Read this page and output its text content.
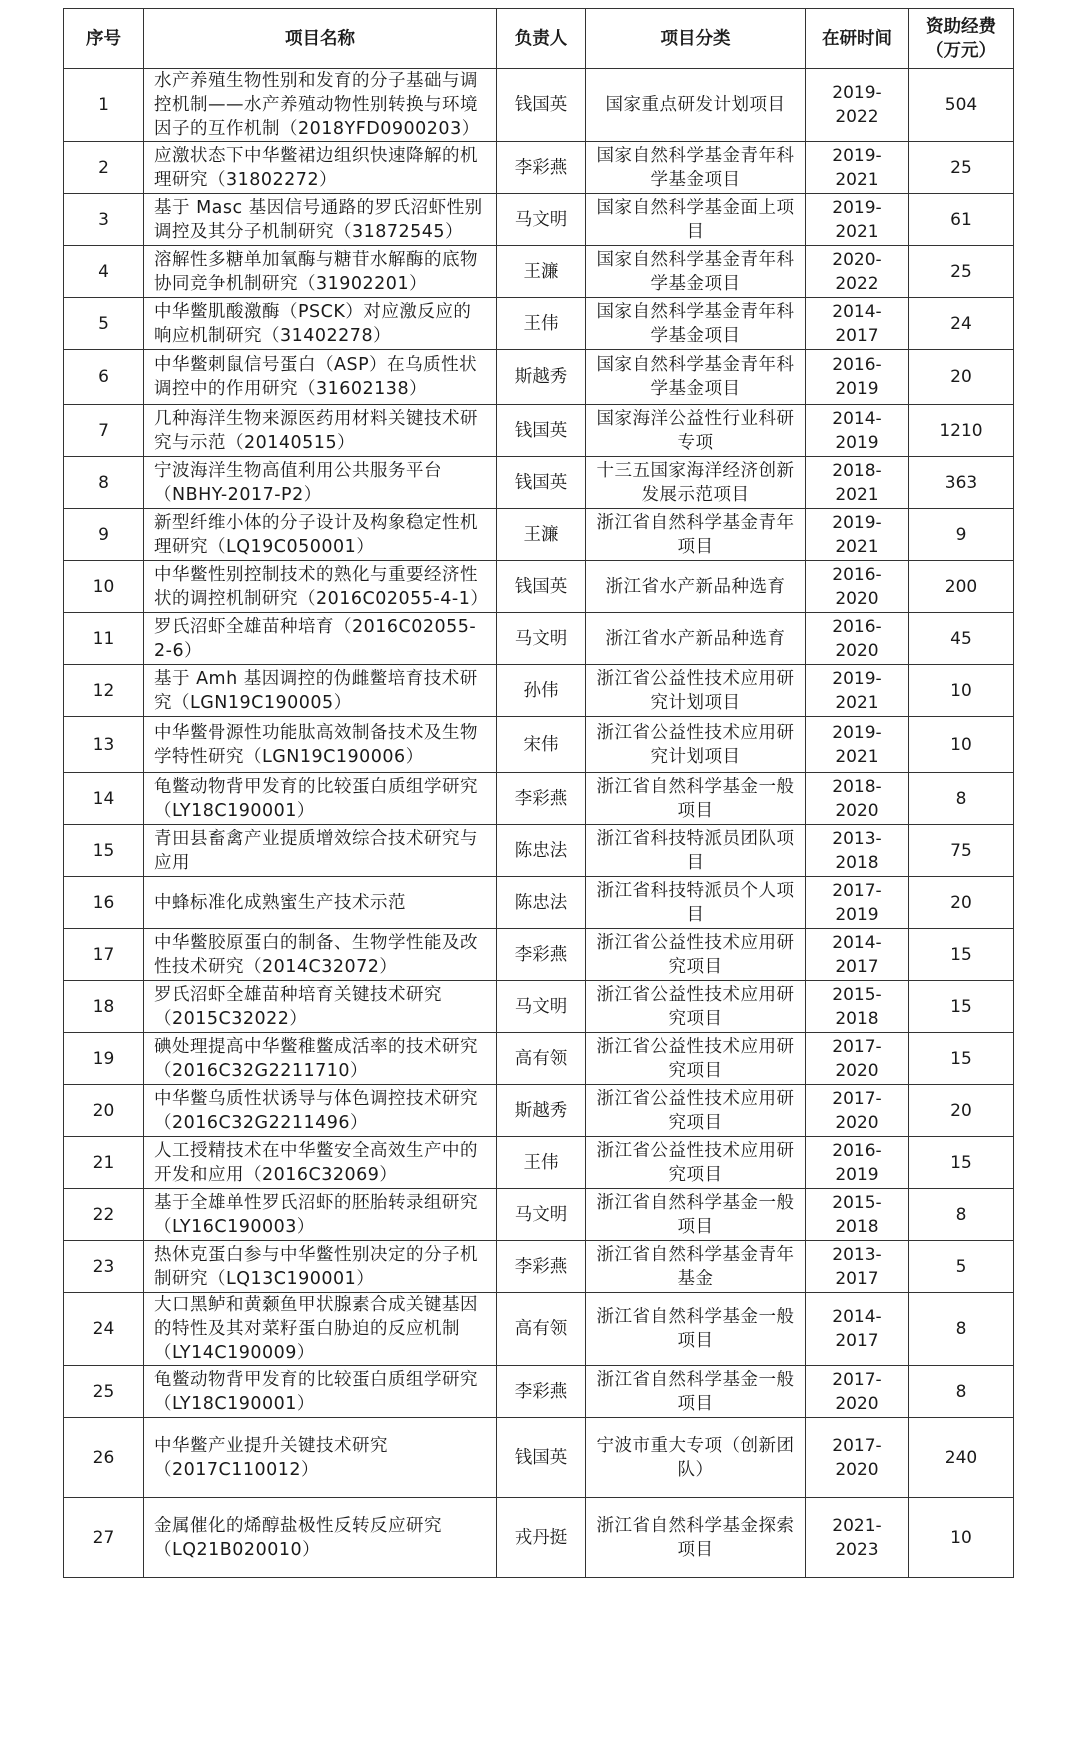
序号	项目名称	负责人	项目分类	在研时间	资助经费（万元）
1	水产养殖生物性别和发育的分子基础与调控机制——水产养殖动物性别转换与环境因子的互作机制（2018YFD0900203）	钱国英	国家重点研发计划项目	2019-2022	504
2	应激状态下中华鳖裙边组织快速降解的机理研究（31802272）	李彩燕	国家自然科学基金青年科学基金项目	2019-2021	25
3	基于 Masc 基因信号通路的罗氏沼虾性别调控及其分子机制研究（31872545）	马文明	国家自然科学基金面上项目	2019-2021	61
4	溶解性多糖单加氧酶与糖苷水解酶的底物协同竞争机制研究（31902201）	王濂	国家自然科学基金青年科学基金项目	2020-2022	25
5	中华鳖肌酸激酶（PSCK）对应激反应的响应机制研究（31402278）	王伟	国家自然科学基金青年科学基金项目	2014-2017	24
6	中华鳖刺鼠信号蛋白（ASP）在乌质性状调控中的作用研究（31602138）	斯越秀	国家自然科学基金青年科学基金项目	2016-2019	20
7	几种海洋生物来源医药用材料关键技术研究与示范（20140515）	钱国英	国家海洋公益性行业科研专项	2014-2019	1210
8	宁波海洋生物高值利用公共服务平台（NBHY-2017-P2）	钱国英	十三五国家海洋经济创新发展示范项目	2018-2021	363
9	新型纤维小体的分子设计及构象稳定性机理研究（LQ19C050001）	王濂	浙江省自然科学基金青年项目	2019-2021	9
10	中华鳖性别控制技术的熟化与重要经济性状的调控机制研究（2016C02055-4-1）	钱国英	浙江省水产新品种选育	2016-2020	200
11	罗氏沼虾全雄苗种培育（2016C02055-2-6）	马文明	浙江省水产新品种选育	2016-2020	45
12	基于 Amh 基因调控的伪雌鳖培育技术研究（LGN19C190005）	孙伟	浙江省公益性技术应用研究计划项目	2019-2021	10
13	中华鳖骨源性功能肽高效制备技术及生物学特性研究（LGN19C190006）	宋伟	浙江省公益性技术应用研究计划项目	2019-2021	10
14	龟鳖动物背甲发育的比较蛋白质组学研究（LY18C190001）	李彩燕	浙江省自然科学基金一般项目	2018-2020	8
15	青田县畜禽产业提质增效综合技术研究与应用	陈忠法	浙江省科技特派员团队项目	2013-2018	75
16	中蜂标准化成熟蜜生产技术示范	陈忠法	浙江省科技特派员个人项目	2017-2019	20
17	中华鳖胶原蛋白的制备、生物学性能及改性技术研究（2014C32072）	李彩燕	浙江省公益性技术应用研究项目	2014-2017	15
18	罗氏沼虾全雄苗种培育关键技术研究（2015C32022）	马文明	浙江省公益性技术应用研究项目	2015-2018	15
19	碘处理提高中华鳖稚鳖成活率的技术研究（2016C32G2211710）	高有领	浙江省公益性技术应用研究项目	2017-2020	15
20	中华鳖乌质性状诱导与体色调控技术研究（2016C32G2211496）	斯越秀	浙江省公益性技术应用研究项目	2017-2020	20
21	人工授精技术在中华鳖安全高效生产中的开发和应用（2016C32069）	王伟	浙江省公益性技术应用研究项目	2016-2019	15
22	基于全雄单性罗氏沼虾的胚胎转录组研究（LY16C190003）	马文明	浙江省自然科学基金一般项目	2015-2018	8
23	热休克蛋白参与中华鳖性别决定的分子机制研究（LQ13C190001）	李彩燕	浙江省自然科学基金青年基金	2013-2017	5
24	大口黑鲈和黄颡鱼甲状腺素合成关键基因的特性及其对菜籽蛋白胁迫的反应机制（LY14C190009）	高有领	浙江省自然科学基金一般项目	2014-2017	8
25	龟鳖动物背甲发育的比较蛋白质组学研究（LY18C190001）	李彩燕	浙江省自然科学基金一般项目	2017-2020	8
26	中华鳖产业提升关键技术研究（2017C110012）	钱国英	宁波市重大专项（创新团队）	2017-2020	240
27	金属催化的烯醇盐极性反转反应研究（LQ21B020010）	戎丹挺	浙江省自然科学基金探索项目	2021-2023	10
